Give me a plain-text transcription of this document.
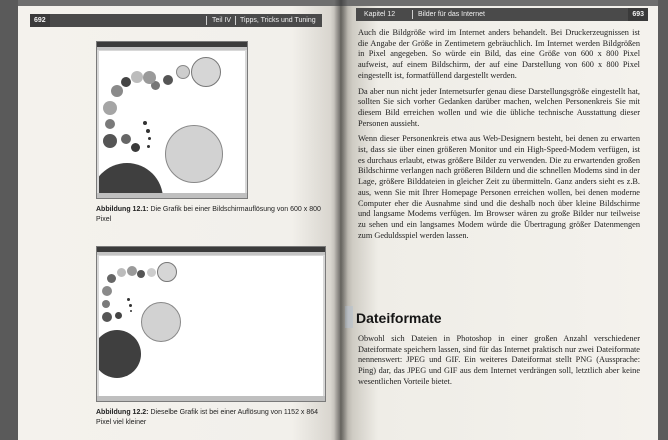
692	Teil IV Tipps, Tricks und Tuning
Abbildung 12.1: Die Grafik bei einer Bildschirmauflösung von 600 x 800 Pixel
Abbildung 12.2: Dieselbe Grafik ist bei einer Auflösung von 1152 x 864 Pixel viel kleiner
Kapitel 12	Bilder für das Internet	693

Auch die Bildgröße wird im Internet anders behandelt. Bei Druckerzeugnissen ist die Angabe der Größe in Zentimetern gebräuchlich. Im Internet werden Bildgrößen in Pixel angegeben. So würde ein Bild, das eine Größe von 600 x 800 Pixel aufweist, auf einem Bildschirm, der auf eine Darstellung von 600 x 800 Pixel eingestellt ist, formatfüllend dargestellt werden.

Da aber nun nicht jeder Internetsurfer genau diese Darstellungsgröße eingestellt hat, sollten Sie sich vorher Gedanken darüber machen, welchen Personenkreis Sie mit diesem Bild erreichen wollen und wie die übliche technische Ausstattung dieser Personen aussieht.

Wenn dieser Personenkreis etwa aus Web-Designern besteht, bei denen zu erwarten ist, dass sie über einen größeren Monitor und ein High-Speed-Modem verfügen, ist es durchaus erlaubt, etwas größere Bilder zu verwenden. Die zu erwartenden großen Bildschirme verlangen nach größeren Bildern und die schnellen Modems sind in der Lage, größere Bilddateien in gleicher Zeit zu übermitteln. Ganz anders sieht es z.B. aus, wenn Sie mit Ihrer Homepage Personen erreichen wollen, bei denen moderne Computer eher die Ausnahme sind und die deshalb noch über kleine Bildschirme und langsame Modems verfügen. Im Browser wären zu große Bilder nur teilweise zu sehen und ein langsames Modem würde die Übertragung größer Datenmengen zum Geduldsspiel werden lassen.

Dateiformate

Obwohl sich Dateien in Photoshop in einer großen Anzahl verschiedener Dateiformate speichern lassen, sind für das Internet praktisch nur zwei Dateiformate nennenswert: JPEG und GIF. Ein weiteres Dateiformat stellt PNG (Aussprache: Ping) dar, das JPEG und GIF aus dem Internet verdrängen soll, letztlich aber keine wesentlichen Vorteile bietet.
